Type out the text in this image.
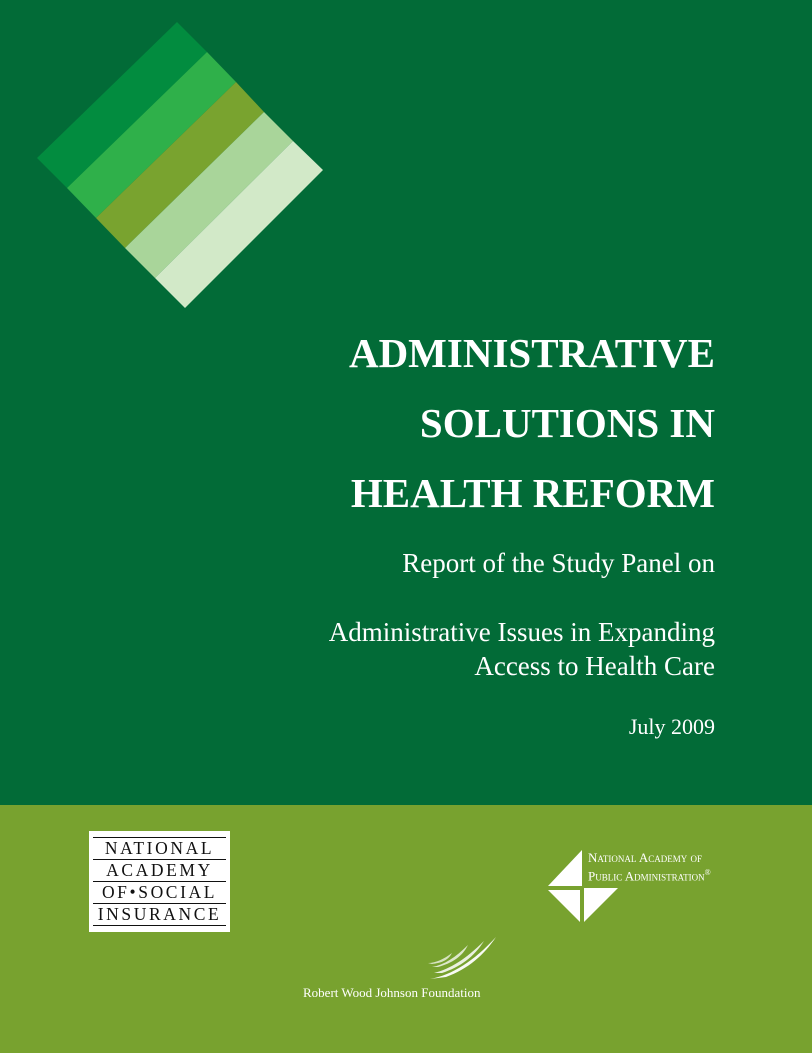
ADMINISTRATIVE
SOLUTIONS IN
HEALTH REFORM
Report of the Study Panel on
Administrative Issues in Expanding
Access to Health Care
July 2009
NATIONAL
ACADEMY
OF•SOCIAL
INSURANCE
National Academy of
Public Administration®
Robert Wood Johnson Foundation
